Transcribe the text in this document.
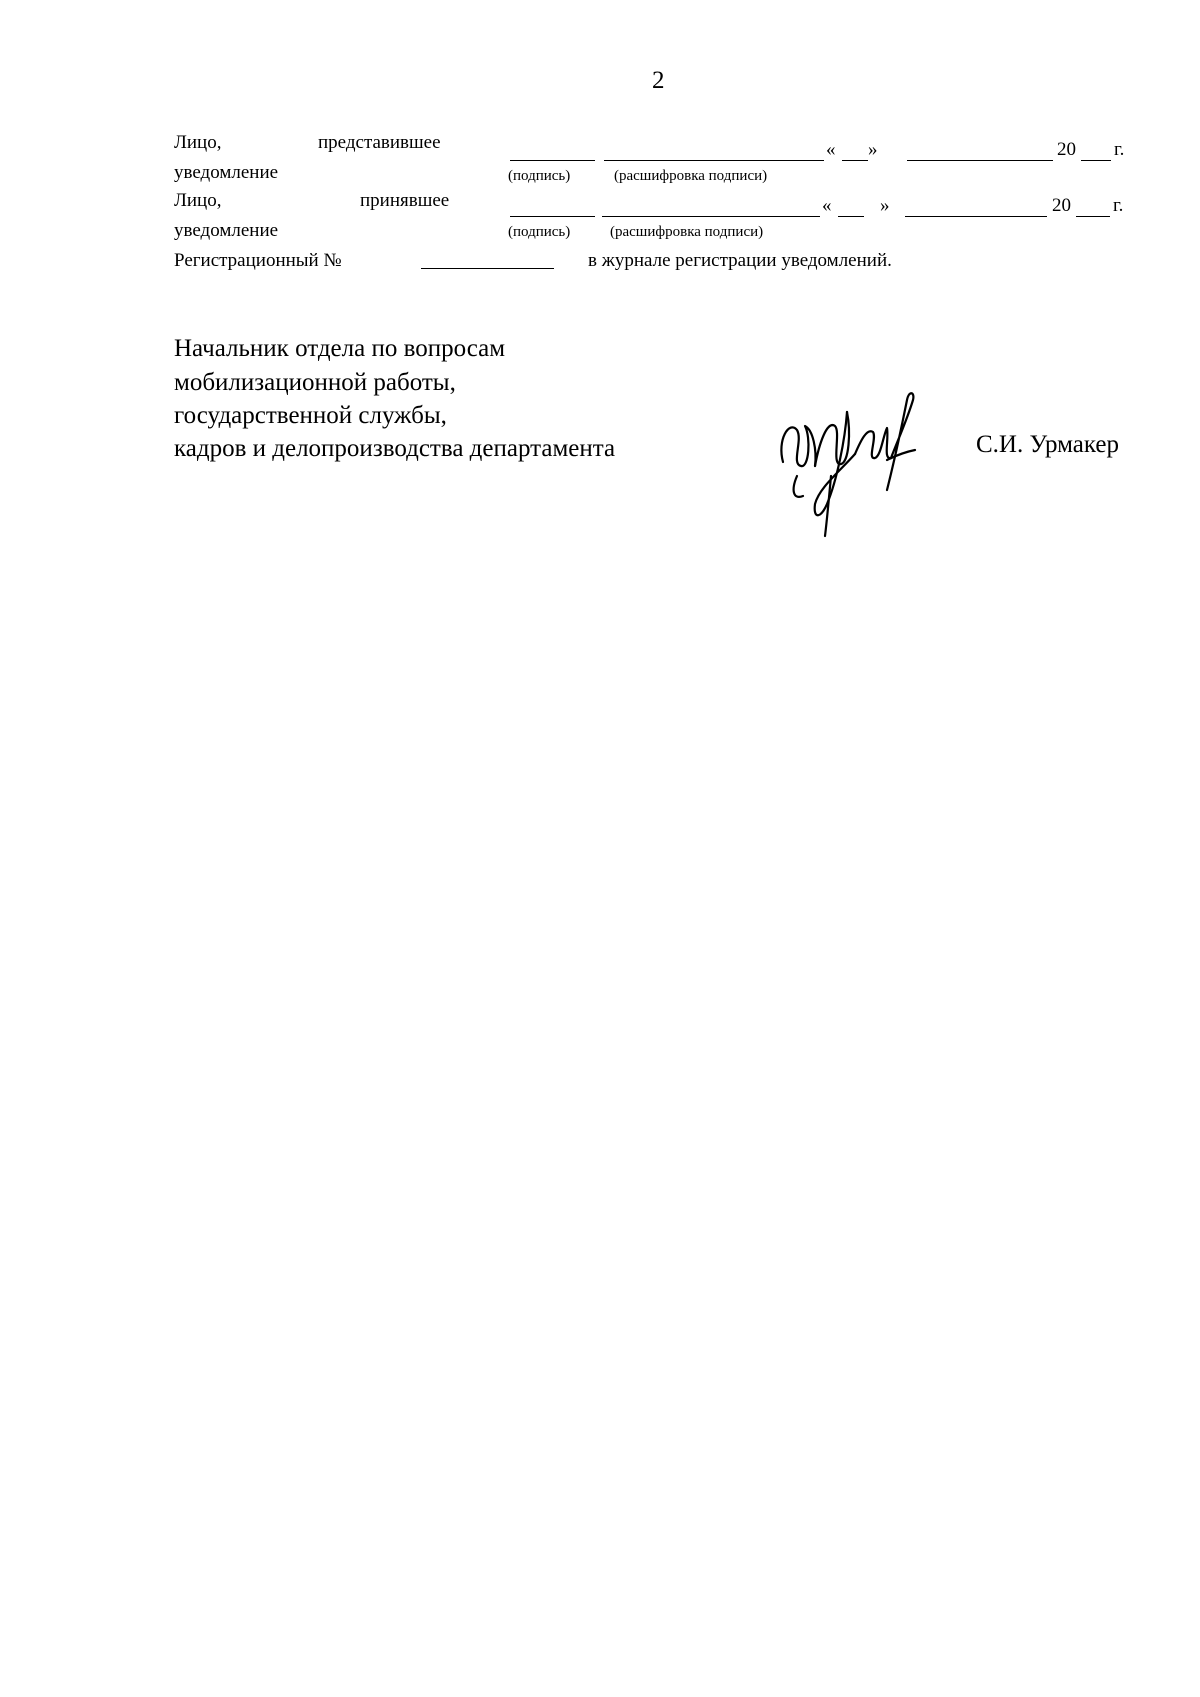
2
Лицо,	представившее
уведомление
« »	20 г.
(подпись)	(расшифровка подписи)
Лицо,	принявшее
уведомление
«	»	20 г.
(подпись)	(расшифровка подписи)
Регистрационный №	в журнале регистрации уведомлений.
Начальник отдела по вопросам
мобилизационной работы,
государственной службы,
кадров и делопроизводства департамента	С.И. Урмакер
